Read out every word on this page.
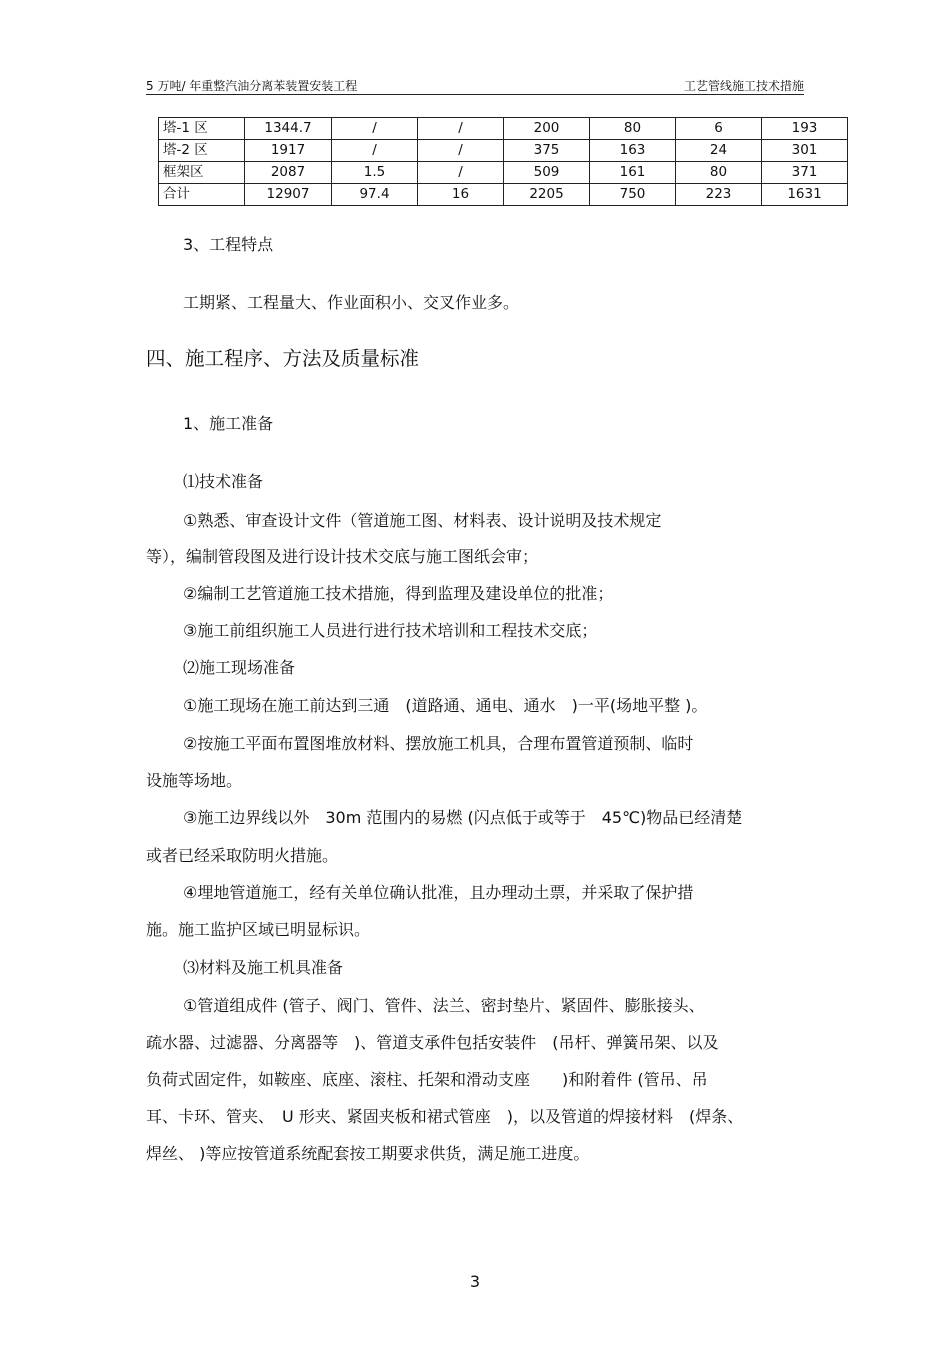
5 万吨/ 年重整汽油分离苯装置安装工程	工艺管线施工技术措施
塔-1 区	1344.7	/	/	200	80	6	193
塔-2 区	1917	/	/	375	163	24	301
框架区	2087	1.5	/	509	161	80	371
合计	12907	97.4	16	2205	750	223	1631
3、工程特点
工期紧、工程量大、作业面积小、交叉作业多。
四、施工程序、方法及质量标准
1、施工准备
⑴技术准备
①熟悉、审查设计文件（管道施工图、材料表、设计说明及技术规定
等），编制管段图及进行设计技术交底与施工图纸会审；
②编制工艺管道施工技术措施，得到监理及建设单位的批准；
③施工前组织施工人员进行进行技术培训和工程技术交底；
⑵施工现场准备
①施工现场在施工前达到三通　(道路通、通电、通水　)一平(场地平整 )。
②按施工平面布置图堆放材料、摆放施工机具，合理布置管道预制、临时
设施等场地。
③施工边界线以外　30m 范围内的易燃 (闪点低于或等于　45℃)物品已经清楚
或者已经采取防明火措施。
④埋地管道施工，经有关单位确认批准，且办理动土票，并采取了保护措
施。施工监护区域已明显标识。
⑶材料及施工机具准备
①管道组成件 (管子、阀门、管件、法兰、密封垫片、紧固件、膨胀接头、
疏水器、过滤器、分离器等　)、管道支承件包括安装件　(吊杆、弹簧吊架、以及
负荷式固定件，如鞍座、底座、滚柱、托架和滑动支座　　)和附着件 (管吊、吊
耳、卡环、管夹、　U 形夹、紧固夹板和裙式管座　)，以及管道的焊接材料　(焊条、
焊丝、 )等应按管道系统配套按工期要求供货，满足施工进度。
3
